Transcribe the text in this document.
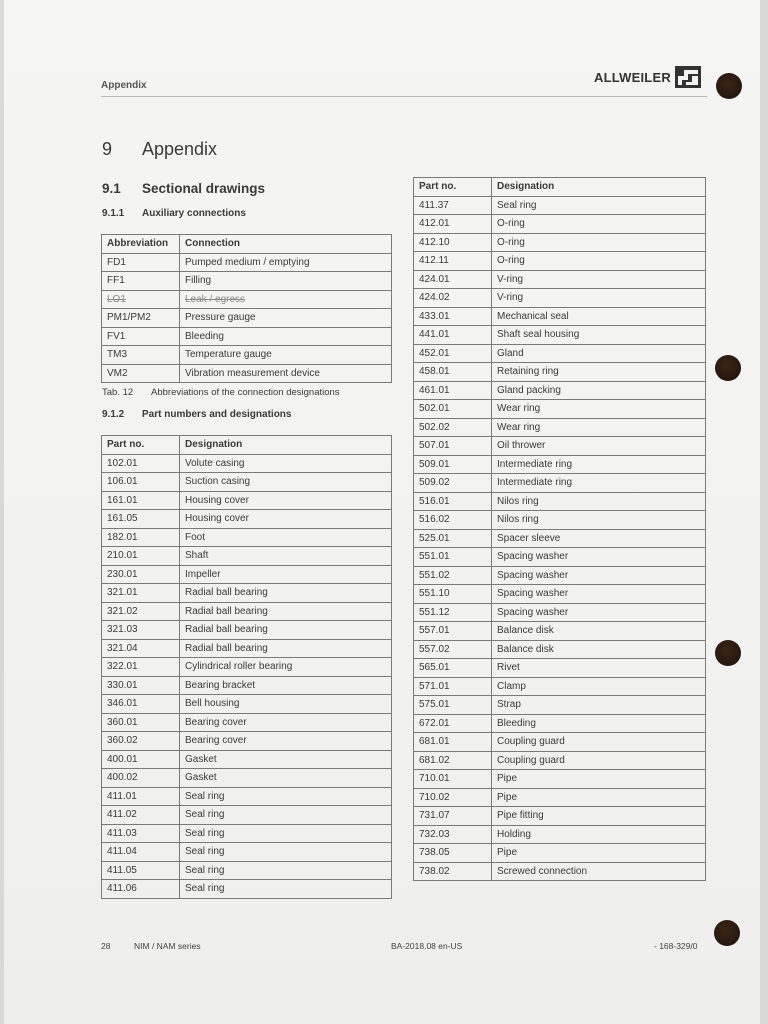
Appendix
ALLWEILER
9 Appendix
9.1 Sectional drawings
9.1.1 Auxiliary connections
Abbreviation	Connection
FD1	Pumped medium / emptying
FF1	Filling
LO1	Leak / egress
PM1/PM2	Pressure gauge
FV1	Bleeding
TM3	Temperature gauge
VM2	Vibration measurement device
Tab. 12 Abbreviations of the connection designations
9.1.2 Part numbers and designations
Part no.	Designation
102.01	Volute casing
106.01	Suction casing
161.01	Housing cover
161.05	Housing cover
182.01	Foot
210.01	Shaft
230.01	Impeller
321.01	Radial ball bearing
321.02	Radial ball bearing
321.03	Radial ball bearing
321.04	Radial ball bearing
322.01	Cylindrical roller bearing
330.01	Bearing bracket
346.01	Bell housing
360.01	Bearing cover
360.02	Bearing cover
400.01	Gasket
400.02	Gasket
411.01	Seal ring
411.02	Seal ring
411.03	Seal ring
411.04	Seal ring
411.05	Seal ring
411.06	Seal ring
Part no.	Designation
411.37	Seal ring
412.01	O-ring
412.10	O-ring
412.11	O-ring
424.01	V-ring
424.02	V-ring
433.01	Mechanical seal
441.01	Shaft seal housing
452.01	Gland
458.01	Retaining ring
461.01	Gland packing
502.01	Wear ring
502.02	Wear ring
507.01	Oil thrower
509.01	Intermediate ring
509.02	Intermediate ring
516.01	Nilos ring
516.02	Nilos ring
525.01	Spacer sleeve
551.01	Spacing washer
551.02	Spacing washer
551.10	Spacing washer
551.12	Spacing washer
557.01	Balance disk
557.02	Balance disk
565.01	Rivet
571.01	Clamp
575.01	Strap
672.01	Bleeding
681.01	Coupling guard
681.02	Coupling guard
710.01	Pipe
710.02	Pipe
731.07	Pipe fitting
732.03	Holding
738.05	Pipe
738.02	Screwed connection
28	NIM / NAM series	BA-2018.08 en-US	- 168-329/0
